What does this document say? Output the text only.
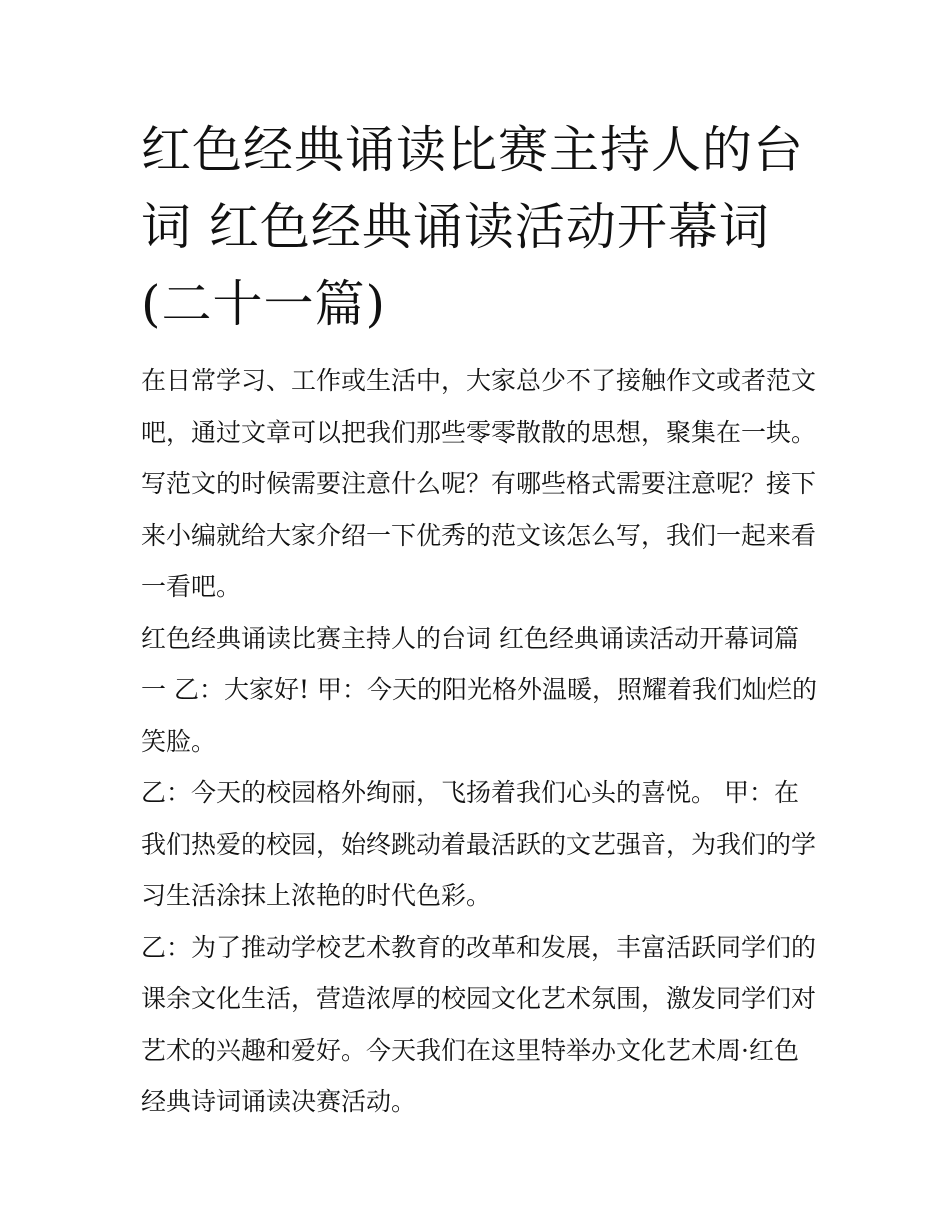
红色经典诵读比赛主持人的台
词 红色经典诵读活动开幕词
(二十一篇)

在日常学习、工作或生活中，大家总少不了接触作文或者范文
吧，通过文章可以把我们那些零零散散的思想，聚集在一块。
写范文的时候需要注意什么呢？有哪些格式需要注意呢？接下
来小编就给大家介绍一下优秀的范文该怎么写，我们一起来看
一看吧。

红色经典诵读比赛主持人的台词 红色经典诵读活动开幕词篇
一 乙：大家好! 甲：今天的阳光格外温暖，照耀着我们灿烂的
笑脸。

乙：今天的校园格外绚丽，飞扬着我们心头的喜悦。 甲：在
我们热爱的校园，始终跳动着最活跃的文艺强音，为我们的学
习生活涂抹上浓艳的时代色彩。

乙：为了推动学校艺术教育的改革和发展，丰富活跃同学们的
课余文化生活，营造浓厚的校园文化艺术氛围，激发同学们对
艺术的兴趣和爱好。今天我们在这里特举办文化艺术周·红色
经典诗词诵读决赛活动。
